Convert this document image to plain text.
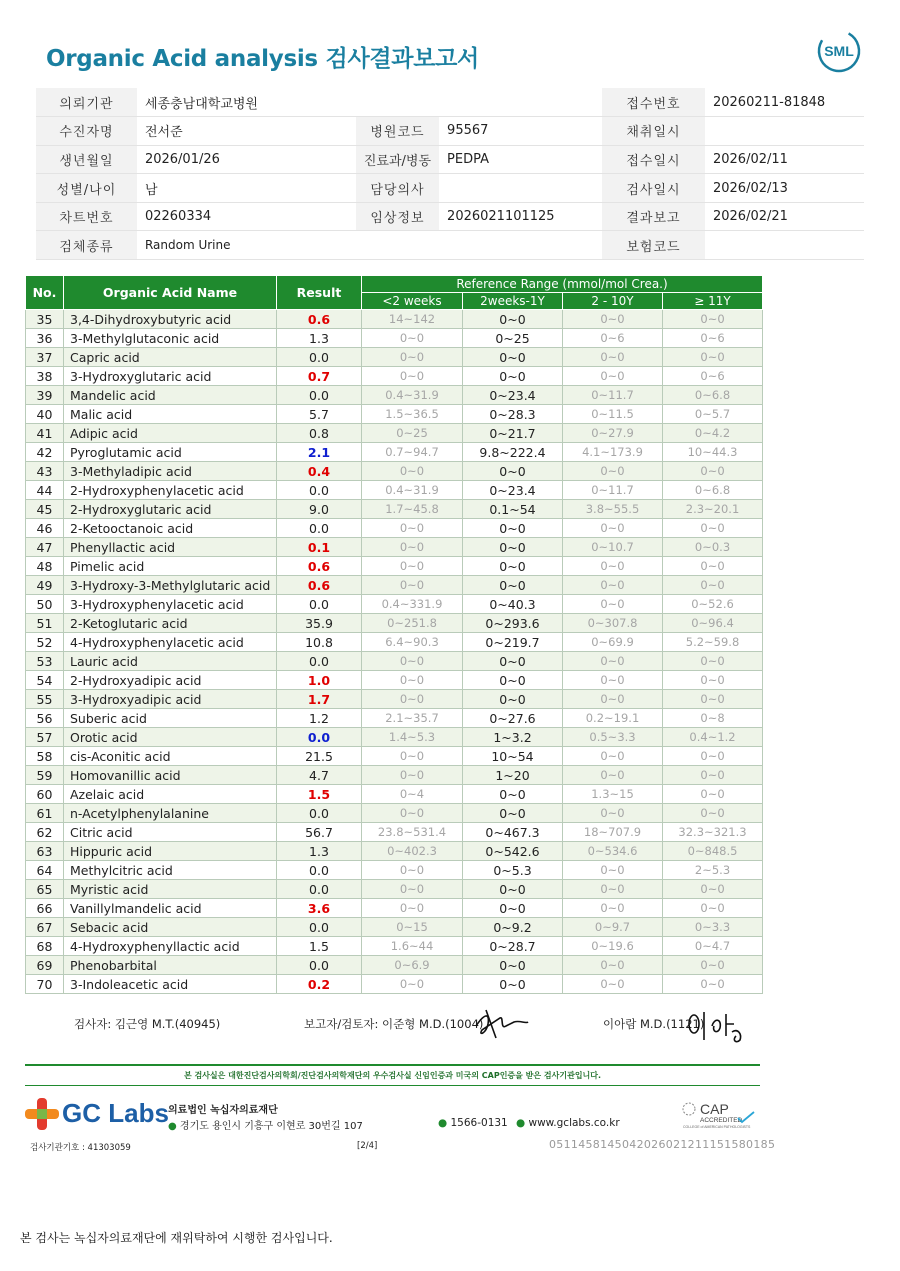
Organic Acid analysis 검사결과보고서	SML
의뢰기관	세종충남대학교병원			접수번호	20260211-81848
수진자명	전서준	병원코드	95567	채취일시	
생년월일	2026/01/26	진료과/병동	PEDPA	접수일시	2026/02/11
성별/나이	남	담당의사		검사일시	2026/02/13
차트번호	02260334	임상정보	2026021101125	결과보고	2026/02/21
검체종류	Random Urine			보험코드	
No.	Organic Acid Name	Result	Reference Range (mmol/mol Crea.)			
			<2 weeks	2weeks-1Y	2 - 10Y	≥ 11Y
35	3,4-Dihydroxybutyric acid	0.6	14~142	0~0	0~0	0~0
36	3-Methylglutaconic acid	1.3	0~0	0~25	0~6	0~6
37	Capric acid	0.0	0~0	0~0	0~0	0~0
38	3-Hydroxyglutaric acid	0.7	0~0	0~0	0~0	0~6
39	Mandelic acid	0.0	0.4~31.9	0~23.4	0~11.7	0~6.8
40	Malic acid	5.7	1.5~36.5	0~28.3	0~11.5	0~5.7
41	Adipic acid	0.8	0~25	0~21.7	0~27.9	0~4.2
42	Pyroglutamic acid	2.1	0.7~94.7	9.8~222.4	4.1~173.9	10~44.3
43	3-Methyladipic acid	0.4	0~0	0~0	0~0	0~0
44	2-Hydroxyphenylacetic acid	0.0	0.4~31.9	0~23.4	0~11.7	0~6.8
45	2-Hydroxyglutaric acid	9.0	1.7~45.8	0.1~54	3.8~55.5	2.3~20.1
46	2-Ketooctanoic acid	0.0	0~0	0~0	0~0	0~0
47	Phenyllactic acid	0.1	0~0	0~0	0~10.7	0~0.3
48	Pimelic acid	0.6	0~0	0~0	0~0	0~0
49	3-Hydroxy-3-Methylglutaric acid	0.6	0~0	0~0	0~0	0~0
50	3-Hydroxyphenylacetic acid	0.0	0.4~331.9	0~40.3	0~0	0~52.6
51	2-Ketoglutaric acid	35.9	0~251.8	0~293.6	0~307.8	0~96.4
52	4-Hydroxyphenylacetic acid	10.8	6.4~90.3	0~219.7	0~69.9	5.2~59.8
53	Lauric acid	0.0	0~0	0~0	0~0	0~0
54	2-Hydroxyadipic acid	1.0	0~0	0~0	0~0	0~0
55	3-Hydroxyadipic acid	1.7	0~0	0~0	0~0	0~0
56	Suberic acid	1.2	2.1~35.7	0~27.6	0.2~19.1	0~8
57	Orotic acid	0.0	1.4~5.3	1~3.2	0.5~3.3	0.4~1.2
58	cis-Aconitic acid	21.5	0~0	10~54	0~0	0~0
59	Homovanillic acid	4.7	0~0	1~20	0~0	0~0
60	Azelaic acid	1.5	0~4	0~0	1.3~15	0~0
61	n-Acetylphenylalanine	0.0	0~0	0~0	0~0	0~0
62	Citric acid	56.7	23.8~531.4	0~467.3	18~707.9	32.3~321.3
63	Hippuric acid	1.3	0~402.3	0~542.6	0~534.6	0~848.5
64	Methylcitric acid	0.0	0~0	0~5.3	0~0	2~5.3
65	Myristic acid	0.0	0~0	0~0	0~0	0~0
66	Vanillylmandelic acid	3.6	0~0	0~0	0~0	0~0
67	Sebacic acid	0.0	0~15	0~9.2	0~9.7	0~3.3
68	4-Hydroxyphenyllactic acid	1.5	1.6~44	0~28.7	0~19.6	0~4.7
69	Phenobarbital	0.0	0~6.9	0~0	0~0	0~0
70	3-Indoleacetic acid	0.2	0~0	0~0	0~0	0~0
검사자: 김근영 M.T.(40945)	보고자/검토자: 이준형 M.D.(1004)	이아람 M.D.(1121)
본 검사실은 대한진단검사의학회/진단검사의학재단의 우수검사실 신임인증과 미국의 CAP인증을 받은 검사기관입니다.
GC Labs 의료법인 녹십자의료재단
● 경기도 용인시 기흥구 이현로 30번길 107	● 1566-0131 ● www.gclabs.co.kr
CAP
ACCREDITED
COLLEGE of AMERICAN PATHOLOGISTS
검사기관기호 : 41303059	[2/4]	0511458145042026021211151580185
본 검사는 녹십자의료재단에 재위탁하여 시행한 검사입니다.
